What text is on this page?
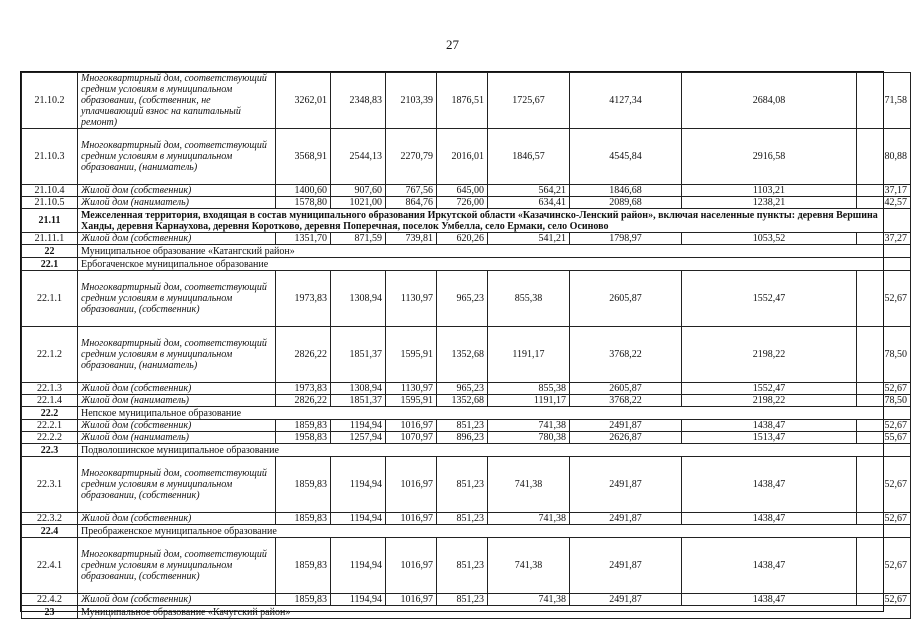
27
21.10.2	Многоквартирный дом, соответствующий средним условиям в муниципальном образовании, (собственник, не уплачивающий взнос на капитальный ремонт)	3262,01	2348,83	2103,39	1876,51	1725,67	4127,34	2684,08	71,58
21.10.3	Многоквартирный дом, соответствующий средним условиям в муниципальном образовании, (наниматель)	3568,91	2544,13	2270,79	2016,01	1846,57	4545,84	2916,58	80,88
21.10.4	Жилой дом (собственник)	1400,60	907,60	767,56	645,00	564,21	1846,68	1103,21	37,17
21.10.5	Жилой дом (наниматель)	1578,80	1021,00	864,76	726,00	634,41	2089,68	1238,21	42,57
21.11	Межселенная территория, входящая в состав муниципального образования Иркутской области «Казачинско-Ленский район», включая населенные пункты: деревня Вершина Ханды, деревня Карнаухова, деревня Коротково, деревня Поперечная, поселок Умбелла, село Ермаки, село Осиново								
21.11.1	Жилой дом (собственник)	1351,70	871,59	739,81	620,26	541,21	1798,97	1053,52	37,27
22	Муниципальное образование «Катангский район»								
22.1	Ербогаченское муниципальное образование								
22.1.1	Многоквартирный дом, соответствующий средним условиям в муниципальном образовании, (собственник)	1973,83	1308,94	1130,97	965,23	855,38	2605,87	1552,47	52,67
22.1.2	Многоквартирный дом, соответствующий средним условиям в муниципальном образовании, (наниматель)	2826,22	1851,37	1595,91	1352,68	1191,17	3768,22	2198,22	78,50
22.1.3	Жилой дом (собственник)	1973,83	1308,94	1130,97	965,23	855,38	2605,87	1552,47	52,67
22.1.4	Жилой дом (наниматель)	2826,22	1851,37	1595,91	1352,68	1191,17	3768,22	2198,22	78,50
22.2	Непское муниципальное образование								
22.2.1	Жилой дом (собственник)	1859,83	1194,94	1016,97	851,23	741,38	2491,87	1438,47	52,67
22.2.2	Жилой дом (наниматель)	1958,83	1257,94	1070,97	896,23	780,38	2626,87	1513,47	55,67
22.3	Подволошинское муниципальное образование								
22.3.1	Многоквартирный дом, соответствующий средним условиям в муниципальном образовании, (собственник)	1859,83	1194,94	1016,97	851,23	741,38	2491,87	1438,47	52,67
22.3.2	Жилой дом (собственник)	1859,83	1194,94	1016,97	851,23	741,38	2491,87	1438,47	52,67
22.4	Преображенское муниципальное образование								
22.4.1	Многоквартирный дом, соответствующий средним условиям в муниципальном образовании, (собственник)	1859,83	1194,94	1016,97	851,23	741,38	2491,87	1438,47	52,67
22.4.2	Жилой дом (собственник)	1859,83	1194,94	1016,97	851,23	741,38	2491,87	1438,47	52,67
23	Муниципальное образование «Качугский район»								
